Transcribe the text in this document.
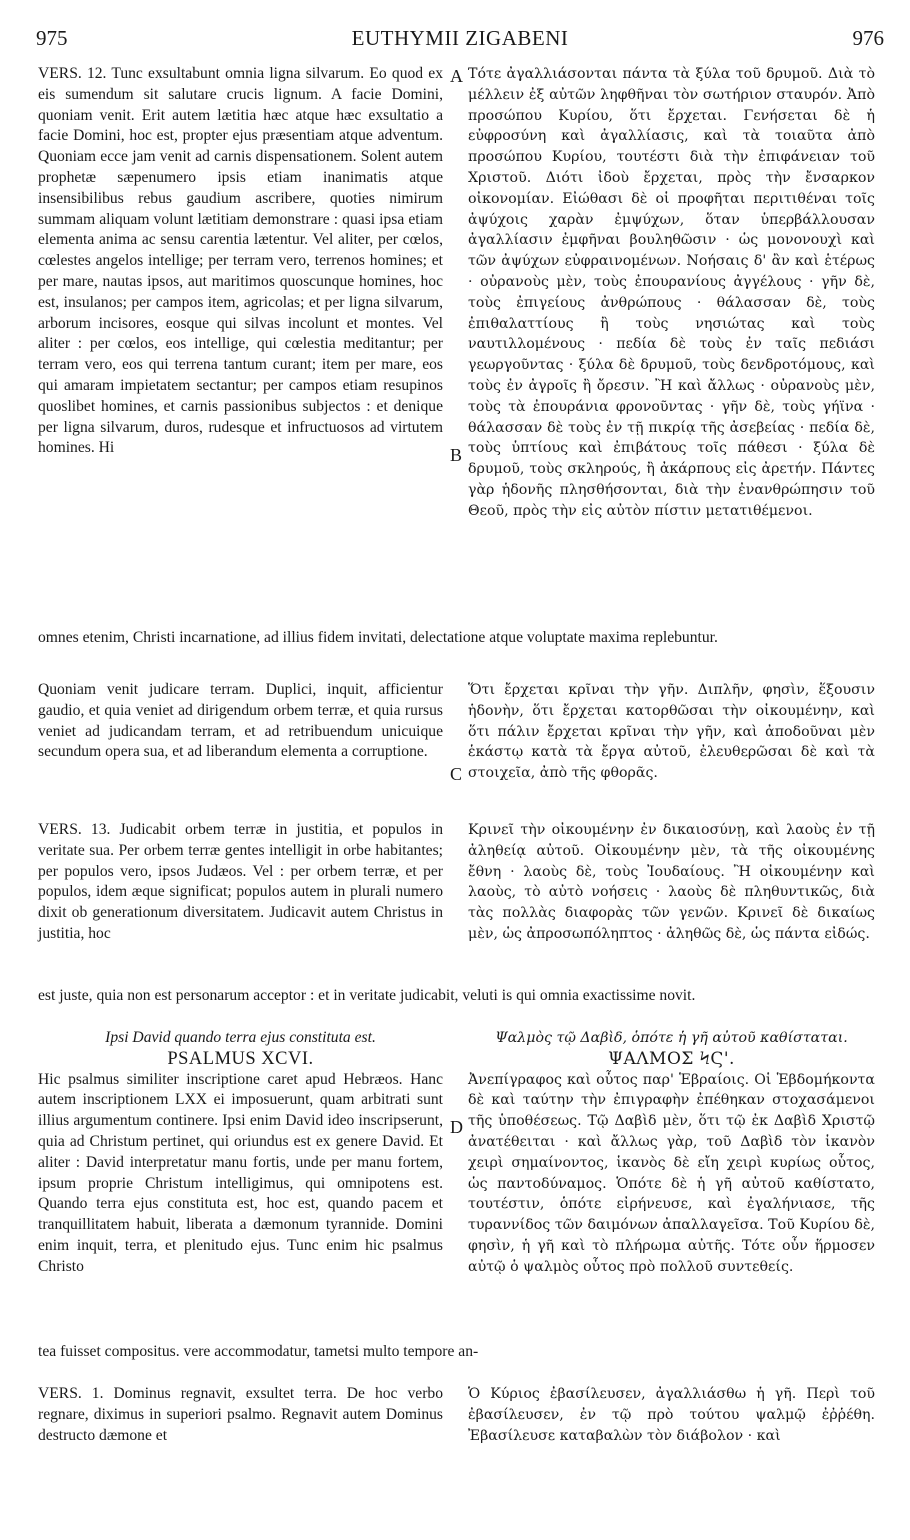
975	EUTHYMII ZIGABENI	976
A
B
C
D

VERS. 12. Tunc exsultabunt omnia ligna silvarum. Eo quod ex eis sumendum sit salutare crucis lignum. A facie Domini, quoniam venit. Erit autem lætitia hæc atque hæc exsultatio a facie Domini, hoc est, propter ejus præsentiam atque adventum. Quoniam ecce jam venit ad carnis dispensationem. Solent autem prophetæ sæpenumero ipsis etiam inanimatis atque insensibilibus rebus gaudium ascribere, quoties nimirum summam aliquam volunt lætitiam demonstrare : quasi ipsa etiam elementa anima ac sensu carentia lætentur. Vel aliter, per cœlos, cœlestes angelos intellige; per terram vero, terrenos homines; et per mare, nautas ipsos, aut maritimos quoscunque homines, hoc est, insulanos; per campos item, agricolas; et per ligna silvarum, arborum incisores, eosque qui silvas incolunt et montes. Vel aliter : per cœlos, eos intellige, qui cœlestia meditantur; per terram vero, eos qui terrena tantum curant; item per mare, eos qui amaram impietatem sectantur; per campos etiam resupinos quoslibet homines, et carnis passionibus subjectos : et denique per ligna silvarum, duros, rudesque et infructuosos ad virtutem homines. Hi

Τότε ἀγαλλιάσονται πάντα τὰ ξύλα τοῦ δρυμοῦ. Διὰ τὸ μέλλειν ἐξ αὐτῶν ληφθῆναι τὸν σωτήριον σταυρόν. Ἀπὸ προσώπου Κυρίου, ὅτι ἔρχεται. Γενήσεται δὲ ἡ εὐφροσύνη καὶ ἀγαλλίασις, καὶ τὰ τοιαῦτα ἀπὸ προσώπου Κυρίου, τουτέστι διὰ τὴν ἐπιφάνειαν τοῦ Χριστοῦ. Διότι ἰδοὺ ἔρχεται, πρὸς τὴν ἔνσαρκον οἰκονομίαν. Εἰώθασι δὲ οἱ προφῆται περιτιθέναι τοῖς ἀψύχοις χαρὰν ἐμψύχων, ὅταν ὑπερβάλλουσαν ἀγαλλίασιν ἐμφῆναι βουληθῶσιν · ὡς μονονουχὶ καὶ τῶν ἀψύχων εὐφραινομένων. Νοήσαις δ' ἂν καὶ ἑτέρως · οὐρανοὺς μὲν, τοὺς ἐπουρανίους ἀγγέλους · γῆν δὲ, τοὺς ἐπιγείους ἀνθρώπους · θάλασσαν δὲ, τοὺς ἐπιθαλαττίους ἢ τοὺς νησιώτας καὶ τοὺς ναυτιλλομένους · πεδία δὲ τοὺς ἐν ταῖς πεδιάσι γεωργοῦντας · ξύλα δὲ δρυμοῦ, τοὺς δενδροτόμους, καὶ τοὺς ἐν ἀγροῖς ἢ ὄρεσιν. Ἢ καὶ ἄλλως · οὐρανοὺς μὲν, τοὺς τὰ ἐπουράνια φρονοῦντας · γῆν δὲ, τοὺς γήϊνα · θάλασσαν δὲ τοὺς ἐν τῇ πικρίᾳ τῆς ἀσεβείας · πεδία δὲ, τοὺς ὑπτίους καὶ ἐπιβάτους τοῖς πάθεσι · ξύλα δὲ δρυμοῦ, τοὺς σκληρούς, ἢ ἀκάρπους εἰς ἀρετήν. Πάντες γὰρ ἡδονῆς πλησθήσονται, διὰ τὴν ἐνανθρώπησιν τοῦ Θεοῦ, πρὸς τὴν εἰς αὐτὸν πίστιν μετατιθέμενοι.

omnes etenim, Christi incarnatione, ad illius fidem invitati, delectatione atque voluptate maxima replebuntur.

Quoniam venit judicare terram. Duplici, inquit, afficientur gaudio, et quia veniet ad dirigendum orbem terræ, et quia rursus veniet ad judicandam terram, et ad retribuendum unicuique secundum opera sua, et ad liberandum elementa a corruptione.

Ὅτι ἔρχεται κρῖναι τὴν γῆν. Διπλῆν, φησὶν, ἕξουσιν ἡδονὴν, ὅτι ἔρχεται κατορθῶσαι τὴν οἰκουμένην, καὶ ὅτι πάλιν ἔρχεται κρῖναι τὴν γῆν, καὶ ἀποδοῦναι μὲν ἑκάστῳ κατὰ τὰ ἔργα αὐτοῦ, ἐλευθερῶσαι δὲ καὶ τὰ στοιχεῖα, ἀπὸ τῆς φθορᾶς.

VERS. 13. Judicabit orbem terræ in justitia, et populos in veritate sua. Per orbem terræ gentes intelligit in orbe habitantes; per populos vero, ipsos Judæos. Vel : per orbem terræ, et per populos, idem æque significat; populos autem in plurali numero dixit ob generationum diversitatem. Judicavit autem Christus in justitia, hoc

Κρινεῖ τὴν οἰκουμένην ἐν δικαιοσύνῃ, καὶ λαοὺς ἐν τῇ ἀληθείᾳ αὐτοῦ. Οἰκουμένην μὲν, τὰ τῆς οἰκουμένης ἔθνη · λαοὺς δὲ, τοὺς Ἰουδαίους. Ἢ οἰκουμένην καὶ λαοὺς, τὸ αὐτὸ νοήσεις · λαοὺς δὲ πληθυντικῶς, διὰ τὰς πολλὰς διαφορὰς τῶν γενῶν. Κρινεῖ δὲ δικαίως μὲν, ὡς ἀπροσωπόληπτος · ἀληθῶς δὲ, ὡς πάντα εἰδώς.

est juste, quia non est personarum acceptor : et in veritate judicabit, veluti is qui omnia exactissime novit.

Ipsi David quando terra ejus constituta est.

PSALMUS XCVI.

Hic psalmus similiter inscriptione caret apud Hebræos. Hanc autem inscriptionem LXX ei imposuerunt, quam arbitrati sunt illius argumentum continere. Ipsi enim David ideo inscripserunt, quia ad Christum pertinet, qui oriundus est ex genere David. Et aliter : David interpretatur manu fortis, unde per manu fortem, ipsum proprie Christum intelligimus, qui omnipotens est. Quando terra ejus constituta est, hoc est, quando pacem et tranquillitatem habuit, liberata a dæmonum tyrannide. Domini enim inquit, terra, et plenitudo ejus. Tunc enim hic psalmus Christo

Ψαλμὸς τῷ Δαβὶδ, ὁπότε ἡ γῆ αὐτοῦ καθίσταται.

ΨΑΛΜΟΣ ϞϚ'.

Ἀνεπίγραφος καὶ οὗτος παρ' Ἑβραίοις. Οἱ Ἑβδομήκοντα δὲ καὶ ταύτην τὴν ἐπιγραφὴν ἐπέθηκαν στοχασάμενοι τῆς ὑποθέσεως. Τῷ Δαβὶδ μὲν, ὅτι τῷ ἐκ Δαβὶδ Χριστῷ ἀνατέθειται · καὶ ἄλλως γὰρ, τοῦ Δαβὶδ τὸν ἱκανὸν χειρὶ σημαίνοντος, ἱκανὸς δὲ εἴη χειρὶ κυρίως οὗτος, ὡς παντοδύναμος. Ὁπότε δὲ ἡ γῆ αὐτοῦ καθίστατο, τουτέστιν, ὁπότε εἰρήνευσε, καὶ ἐγαλήνιασε, τῆς τυραννίδος τῶν δαιμόνων ἀπαλλαγεῖσα. Τοῦ Κυρίου δὲ, φησὶν, ἡ γῆ καὶ τὸ πλήρωμα αὐτῆς. Τότε οὖν ἥρμοσεν αὐτῷ ὁ ψαλμὸς οὗτος πρὸ πολλοῦ συντεθείς.

tea fuisset compositus. vere accommodatur, tametsi multo tempore an-

VERS. 1. Dominus regnavit, exsultet terra. De hoc verbo regnare, diximus in superiori psalmo. Regnavit autem Dominus destructo dæmone et

Ὁ Κύριος ἐβασίλευσεν, ἀγαλλιάσθω ἡ γῆ. Περὶ τοῦ ἐβασίλευσεν, ἐν τῷ πρὸ τούτου ψαλμῷ ἐῤῥέθη. Ἐβασίλευσε καταβαλὼν τὸν διάβολον · καὶ
